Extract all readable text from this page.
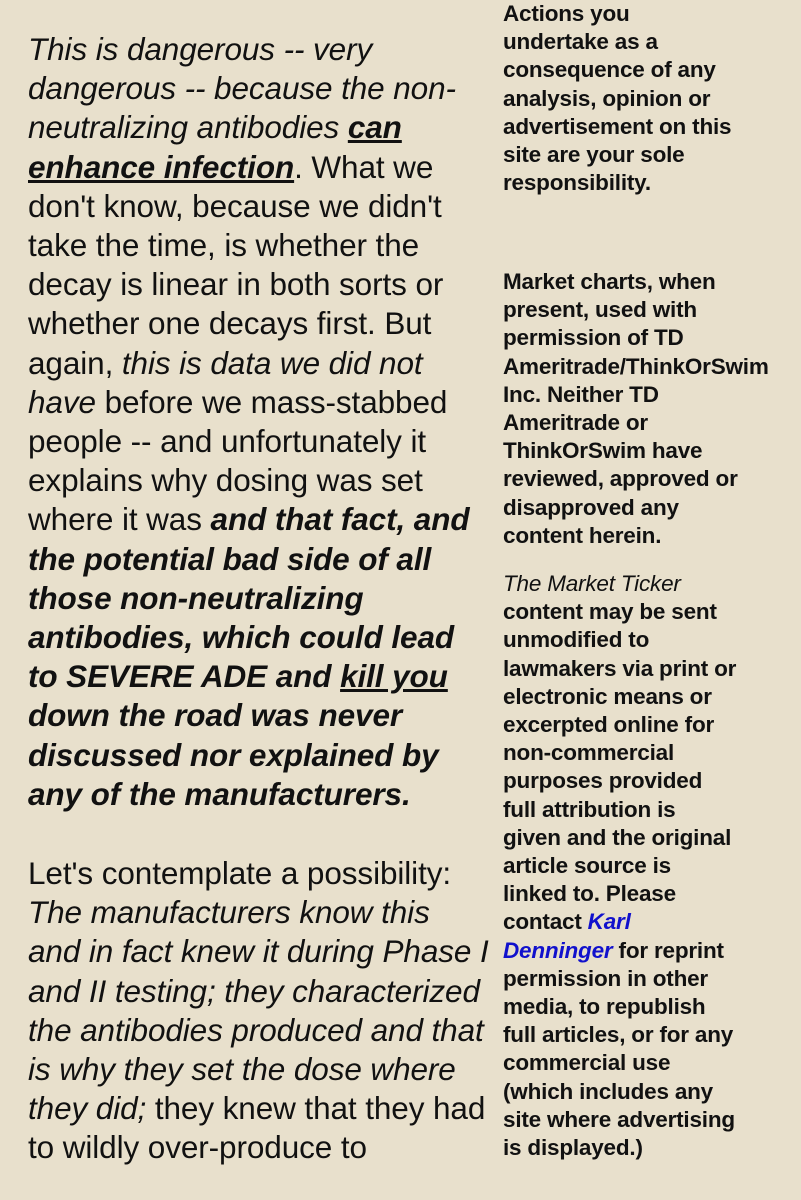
This is dangerous -- very dangerous -- because the non-neutralizing antibodies can enhance infection. What we don't know, because we didn't take the time, is whether the decay is linear in both sorts or whether one decays first. But again, this is data we did not have before we mass-stabbed people -- and unfortunately it explains why dosing was set where it was and that fact, and the potential bad side of all those non-neutralizing antibodies, which could lead to SEVERE ADE and kill you down the road was never discussed nor explained by any of the manufacturers.

Let's contemplate a possibility: The manufacturers know this and in fact knew it during Phase I and II testing; they characterized the antibodies produced and that is why they set the dose where they did; they knew that they had to wildly over-produce to

Actions you undertake as a consequence of any analysis, opinion or advertisement on this site are your sole responsibility.

Market charts, when present, used with permission of TD Ameritrade/ThinkOrSwim Inc. Neither TD Ameritrade or ThinkOrSwim have reviewed, approved or disapproved any content herein.

The Market Ticker content may be sent unmodified to lawmakers via print or electronic means or excerpted online for non-commercial purposes provided full attribution is given and the original article source is linked to. Please contact Karl Denninger for reprint permission in other media, to republish full articles, or for any commercial use (which includes any site where advertising is displayed.)
